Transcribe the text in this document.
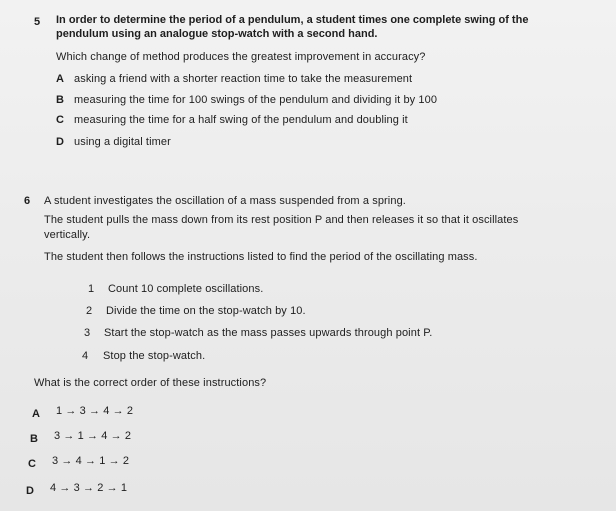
5 In order to determine the period of a pendulum, a student times one complete swing of the
pendulum using an analogue stop-watch with a second hand.
Which change of method produces the greatest improvement in accuracy?
A asking a friend with a shorter reaction time to take the measurement
B measuring the time for 100 swings of the pendulum and dividing it by 100
C measuring the time for a half swing of the pendulum and doubling it
D using a digital timer
6 A student investigates the oscillation of a mass suspended from a spring.
The student pulls the mass down from its rest position P and then releases it so that it oscillates
vertically.
The student then follows the instructions listed to find the period of the oscillating mass.
1 Count 10 complete oscillations.
2 Divide the time on the stop-watch by 10.
3 Start the stop-watch as the mass passes upwards through point P.
4 Stop the stop-watch.
What is the correct order of these instructions?
A 1 → 3 → 4 → 2
B 3 → 1 → 4 → 2
C 3 → 4 → 1 → 2
D 4 → 3 → 2 → 1
